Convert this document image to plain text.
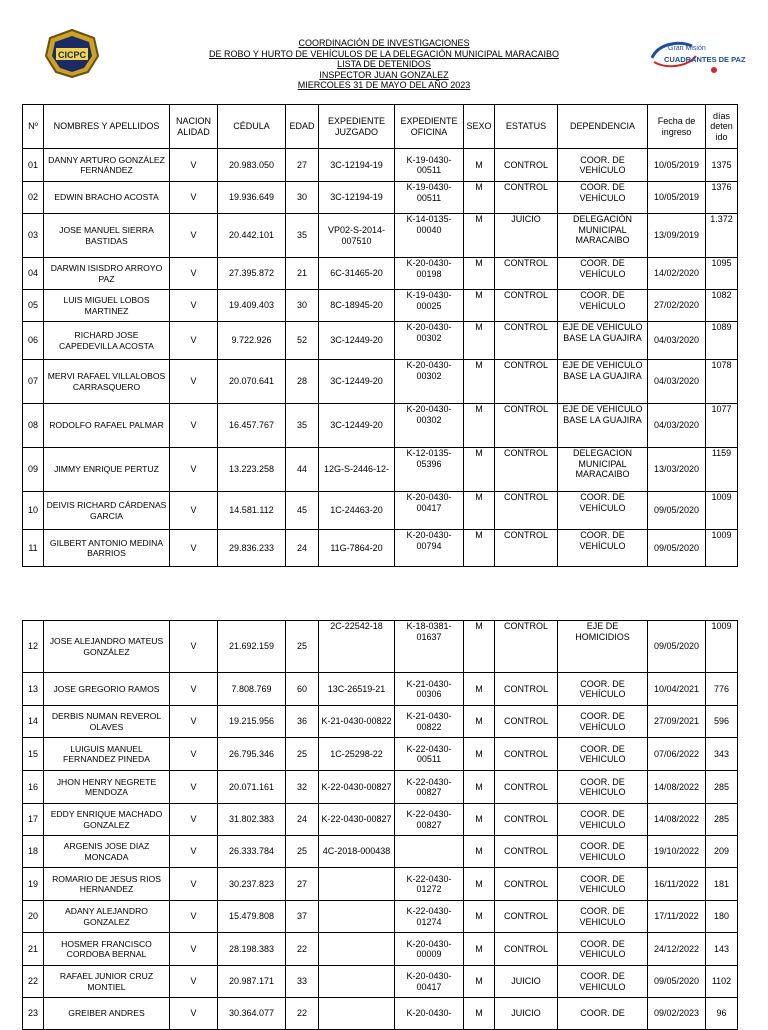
CICPC
Gran Misión
CUADRANTES DE PAZ
COORDINACIÓN DE INVESTIGACIONES
DE ROBO Y HURTO DE VEHÍCULOS DE LA DELEGACIÓN MUNICIPAL MARACAIBO
LISTA DE DETENIDOS
INSPECTOR JUAN GONZALEZ
MIERCOLES 31 DE MAYO DEL AÑO 2023
Nº	NOMBRES Y APELLIDOS	NACION ALIDAD	CÉDULA	EDAD	EXPEDIENTE JUZGADO	EXPEDIENTE OFICINA	SEXO	ESTATUS	DEPENDENCIA	Fecha de ingreso	días deten ido
01	DANNY ARTURO GONZÁLEZ FERNÁNDEZ	V	20.983.050	27	3C-12194-19	K-19-0430-00511	M	CONTROL	COOR. DE VEHÍCULO	10/05/2019	1375
02	EDWIN BRACHO ACOSTA	V	19.936.649	30	3C-12194-19	K-19-0430-00511	M	CONTROL	COOR. DE VEHÍCULO	10/05/2019	1376
03	JOSE MANUEL SIERRA BASTIDAS	V	20.442.101	35	VP02-S-2014-007510	K-14-0135-00040	M	JUICIO	DELEGACIÓN MUNICIPAL MARACAIBO	13/09/2019	1.372
04	DARWIN ISISDRO ARROYO PAZ	V	27.395.872	21	6C-31465-20	K-20-0430-00198	M	CONTROL	COOR. DE VEHÍCULO	14/02/2020	1095
05	LUIS MIGUEL LOBOS MARTINEZ	V	19.409.403	30	8C-18945-20	K-19-0430-00025	M	CONTROL	COOR. DE VEHÍCULO	27/02/2020	1082
06	RICHARD JOSE CAPEDEVILLA ACOSTA	V	9.722.926	52	3C-12449-20	K-20-0430-00302	M	CONTROL	EJE DE VEHICULO BASE LA GUAJIRA	04/03/2020	1089
07	MERVI RAFAEL VILLALOBOS CARRASQUERO	V	20.070.641	28	3C-12449-20	K-20-0430-00302	M	CONTROL	EJE DE VEHICULO BASE LA GUAJIRA	04/03/2020	1078
08	RODOLFO RAFAEL PALMAR	V	16.457.767	35	3C-12449-20	K-20-0430-00302	M	CONTROL	EJE DE VEHICULO BASE LA GUAJIRA	04/03/2020	1077
09	JIMMY ENRIQUE PERTUZ	V	13.223.258	44	12G-S-2446-12-	K-12-0135-05396	M	CONTROL	DELEGACION MUNICIPAL MARACAIBO	13/03/2020	1159
10	DEIVIS RICHARD CÁRDENAS GARCIA	V	14.581.112	45	1C-24463-20	K-20-0430-00417	M	CONTROL	COOR. DE VEHÍCULO	09/05/2020	1009
11	GILBERT ANTONIO MEDINA BARRIOS	V	29.836.233	24	11G-7864-20	K-20-0430-00794	M	CONTROL	COOR. DE VEHÍCULO	09/05/2020	1009
12	JOSE ALEJANDRO MATEUS GONZÁLEZ	V	21.692.159	25	2C-22542-18	K-18-0381-01637	M	CONTROL	EJE DE HOMICIDIOS	09/05/2020	1009
13	JOSE GREGORIO RAMOS	V	7.808.769	60	13C-26519-21	K-21-0430-00306	M	CONTROL	COOR. DE VEHÍCULO	10/04/2021	776
14	DERBIS NUMAN REVEROL OLAVES	V	19.215.956	36	K-21-0430-00822	K-21-0430-00822	M	CONTROL	COOR. DE VEHÍCULO	27/09/2021	596
15	LUIGUIS MANUEL FERNANDEZ PINEDA	V	26.795.346	25	1C-25298-22	K-22-0430-00511	M	CONTROL	COOR. DE VEHICULO	07/06/2022	343
16	JHON HENRY NEGRETE MENDOZA	V	20.071.161	32	K-22-0430-00827	K-22-0430-00827	M	CONTROL	COOR. DE VEHICULO	14/08/2022	285
17	EDDY ENRIQUE MACHADO GONZALEZ	V	31.802.383	24	K-22-0430-00827	K-22-0430-00827	M	CONTROL	COOR. DE VEHICULO	14/08/2022	285
18	ARGENIS JOSE DIAZ MONCADA	V	26.333.784	25	4C-2018-000438		M	CONTROL	COOR. DE VEHICULO	19/10/2022	209
19	ROMARIO DE JESUS RIOS HERNANDEZ	V	30.237.823	27		K-22-0430-01272	M	CONTROL	COOR. DE VEHICULO	16/11/2022	181
20	ADANY ALEJANDRO GONZALEZ	V	15.479.808	37		K-22-0430-01274	M	CONTROL	COOR. DE VEHICULO	17/11/2022	180
21	HOSMER FRANCISCO CORDOBA BERNAL	V	28.198.383	22		K-20-0430-00009	M	CONTROL	COOR. DE VEHICULO	24/12/2022	143
22	RAFAEL JUNIOR CRUZ MONTIEL	V	20.987.171	33		K-20-0430-00417	M	JUICIO	COOR. DE VEHICULO	09/05/2020	1102
23	GREIBER ANDRES	V	30.364.077	22		K-20-0430-	M	JUICIO	COOR. DE	09/02/2023	96
